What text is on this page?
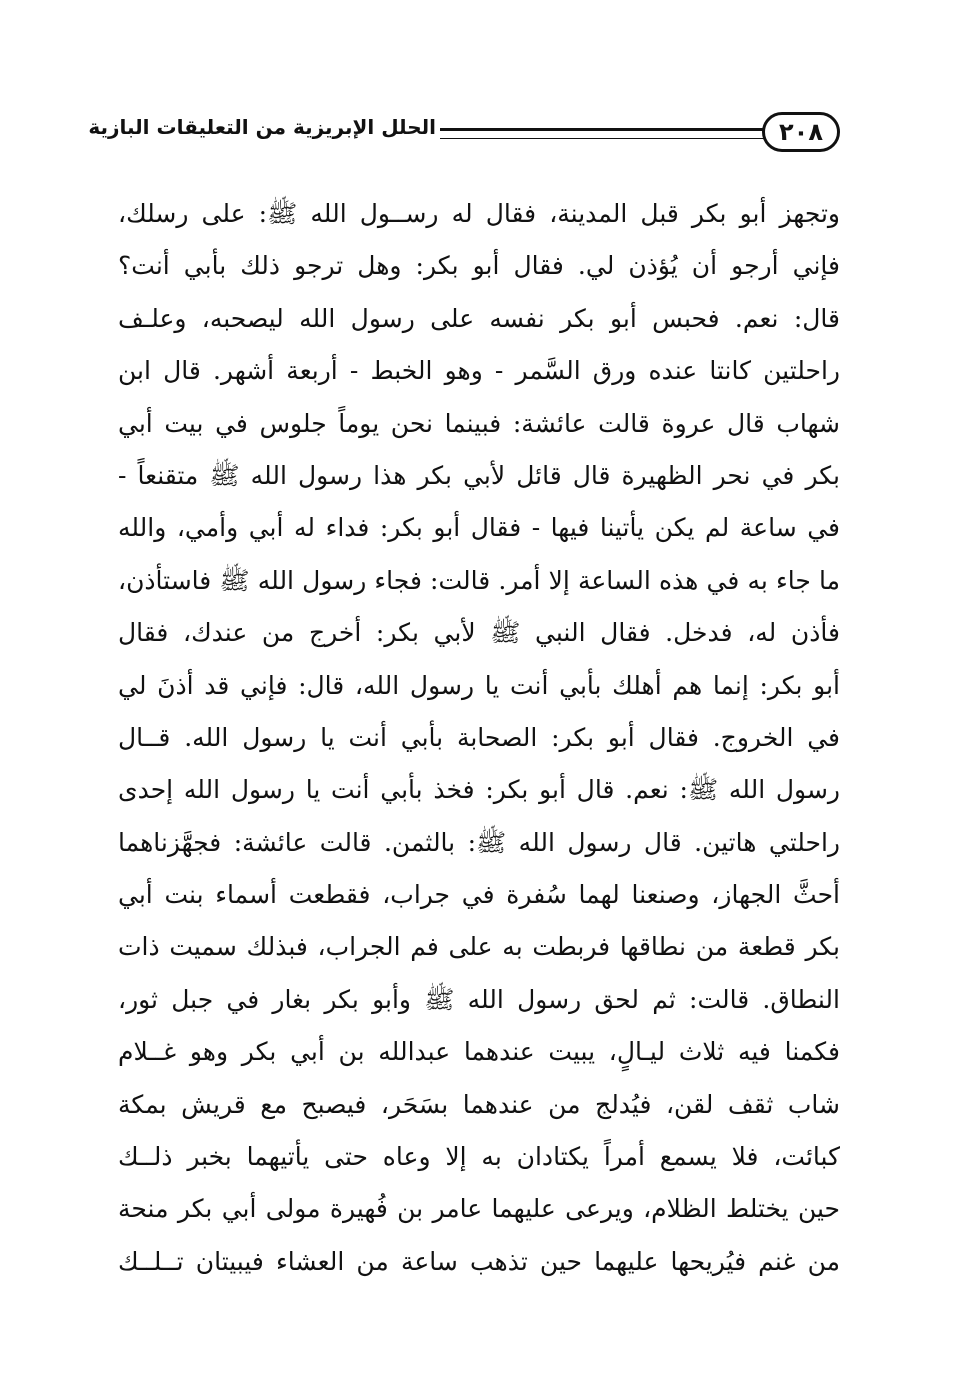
٢٠٨
الحلل الإبريزية من التعليقات البازية
وتجهز أبو بكر قبل المدينة، فقال له رســول الله ﷺ: على رسلك،
فإني أرجو أن يُؤذن لي. فقال أبو بكر: وهل ترجو ذلك بأبي أنت؟
قال: نعم. فحبس أبو بكر نفسه على رسول الله ليصحبه، وعلـف
راحلتين كانتا عنده ورق السَّمر - وهو الخبط - أربعة أشهر. قال ابن
شهاب قال عروة قالت عائشة: فبينما نحن يوماً جلوس في بيت أبي
بكر في نحر الظهيرة قال قائل لأبي بكر هذا رسول الله ﷺ متقنعاً -
في ساعة لم يكن يأتينا فيها - فقال أبو بكر: فداء له أبي وأمي، والله
ما جاء به في هذه الساعة إلا أمر. قالت: فجاء رسول الله ﷺ فاستأذن،
فأذن له، فدخل. فقال النبي ﷺ لأبي بكر: أخرج من عندك، فقال
أبو بكر: إنما هم أهلك بأبي أنت يا رسول الله، قال: فإني قد أذنَ لي
في الخروج. فقال أبو بكر: الصحابة بأبي أنت يا رسول الله. قــال
رسول الله ﷺ: نعم. قال أبو بكر: فخذ بأبي أنت يا رسول الله إحدى
راحلتي هاتين. قال رسول الله ﷺ: بالثمن. قالت عائشة: فجهَّزناهما
أحثَّ الجهاز، وصنعنا لهما سُفرة في جراب، فقطعت أسماء بنت أبي
بكر قطعة من نطاقها فربطت به على فم الجراب، فبذلك سميت ذات
النطاق. قالت: ثم لحق رسول الله ﷺ وأبو بكر بغار في جبل ثور،
فكمنا فيه ثلاث ليـالٍ، يبيت عندهما عبدالله بن أبي بكر وهو غــلام
شاب ثقف لقن، فيُدلج من عندهما بسَحَر، فيصبح مع قريش بمكة
كبائت، فلا يسمع أمراً يكتادان به إلا وعاه حتى يأتيهما بخبر ذلــك
حين يختلط الظلام، ويرعى عليهما عامر بن فُهيرة مولى أبي بكر منحة
من غنم فيُريحها عليهما حين تذهب ساعة من العشاء فيبيتان تــلــك
